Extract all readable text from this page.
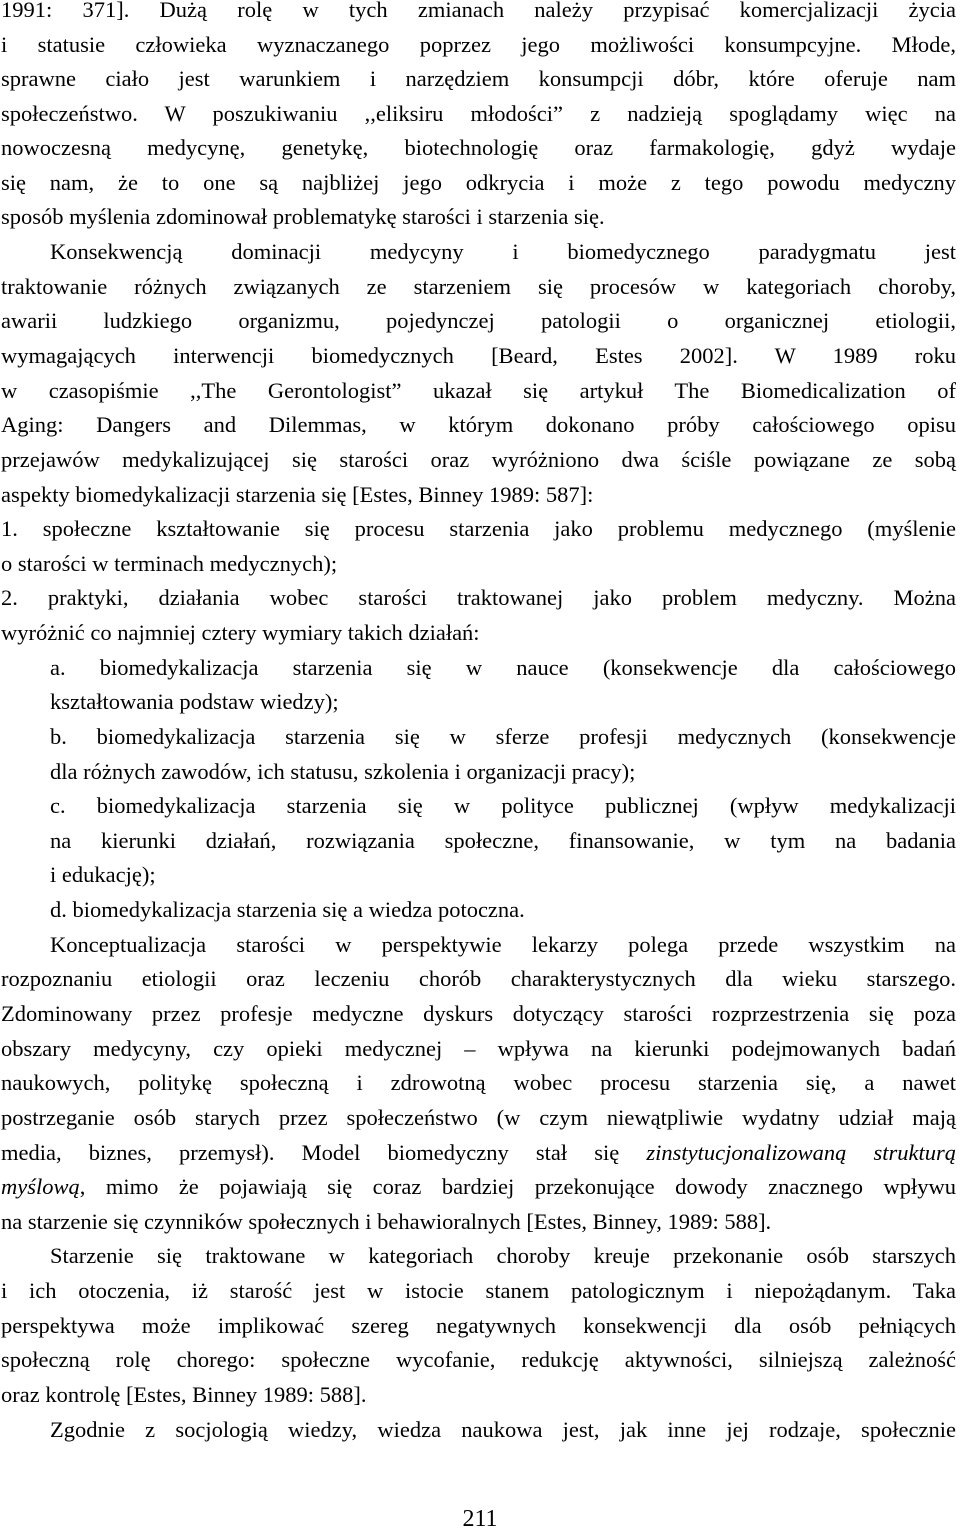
1991: 371]. Dużą rolę w tych zmianach należy przypisać komercjalizacji życia
i statusie człowieka wyznaczanego poprzez jego możliwości konsumpcyjne. Młode,
sprawne ciało jest warunkiem i narzędziem konsumpcji dóbr, które oferuje nam
społeczeństwo. W poszukiwaniu ,,eliksiru młodości” z nadzieją spoglądamy więc na
nowoczesną medycynę, genetykę, biotechnologię oraz farmakologię, gdyż wydaje
się nam, że to one są najbliżej jego odkrycia i może z tego powodu medyczny
sposób myślenia zdominował problematykę starości i starzenia się.
Konsekwencją dominacji medycyny i biomedycznego paradygmatu jest
traktowanie różnych związanych ze starzeniem się procesów w kategoriach choroby,
awarii ludzkiego organizmu, pojedynczej patologii o organicznej etiologii,
wymagających interwencji biomedycznych [Beard, Estes 2002]. W 1989 roku
w czasopiśmie ,,The Gerontologist” ukazał się artykuł The Biomedicalization of
Aging: Dangers and Dilemmas, w którym dokonano próby całościowego opisu
przejawów medykalizującej się starości oraz wyróżniono dwa ściśle powiązane ze sobą
aspekty biomedykalizacji starzenia się [Estes, Binney 1989: 587]:
1. społeczne kształtowanie się procesu starzenia jako problemu medycznego (myślenie
o starości w terminach medycznych);
2. praktyki, działania wobec starości traktowanej jako problem medyczny. Można
wyróżnić co najmniej cztery wymiary takich działań:
a. biomedykalizacja starzenia się w nauce (konsekwencje dla całościowego
kształtowania podstaw wiedzy);
b. biomedykalizacja starzenia się w sferze profesji medycznych (konsekwencje
dla różnych zawodów, ich statusu, szkolenia i organizacji pracy);
c. biomedykalizacja starzenia się w polityce publicznej (wpływ medykalizacji
na kierunki działań, rozwiązania społeczne, finansowanie, w tym na badania
i edukację);
d. biomedykalizacja starzenia się a wiedza potoczna.
Konceptualizacja starości w perspektywie lekarzy polega przede wszystkim na
rozpoznaniu etiologii oraz leczeniu chorób charakterystycznych dla wieku starszego.
Zdominowany przez profesje medyczne dyskurs dotyczący starości rozprzestrzenia się poza
obszary medycyny, czy opieki medycznej – wpływa na kierunki podejmowanych badań
naukowych, politykę społeczną i zdrowotną wobec procesu starzenia się, a nawet
postrzeganie osób starych przez społeczeństwo (w czym niewątpliwie wydatny udział mają
media, biznes, przemysł). Model biomedyczny stał się zinstytucjonalizowaną strukturą
myślową, mimo że pojawiają się coraz bardziej przekonujące dowody znacznego wpływu
na starzenie się czynników społecznych i behawioralnych [Estes, Binney, 1989: 588].
Starzenie się traktowane w kategoriach choroby kreuje przekonanie osób starszych
i ich otoczenia, iż starość jest w istocie stanem patologicznym i niepożądanym. Taka
perspektywa może implikować szereg negatywnych konsekwencji dla osób pełniących
społeczną rolę chorego: społeczne wycofanie, redukcję aktywności, silniejszą zależność
oraz kontrolę [Estes, Binney 1989: 588].
Zgodnie z socjologią wiedzy, wiedza naukowa jest, jak inne jej rodzaje, społecznie
211
